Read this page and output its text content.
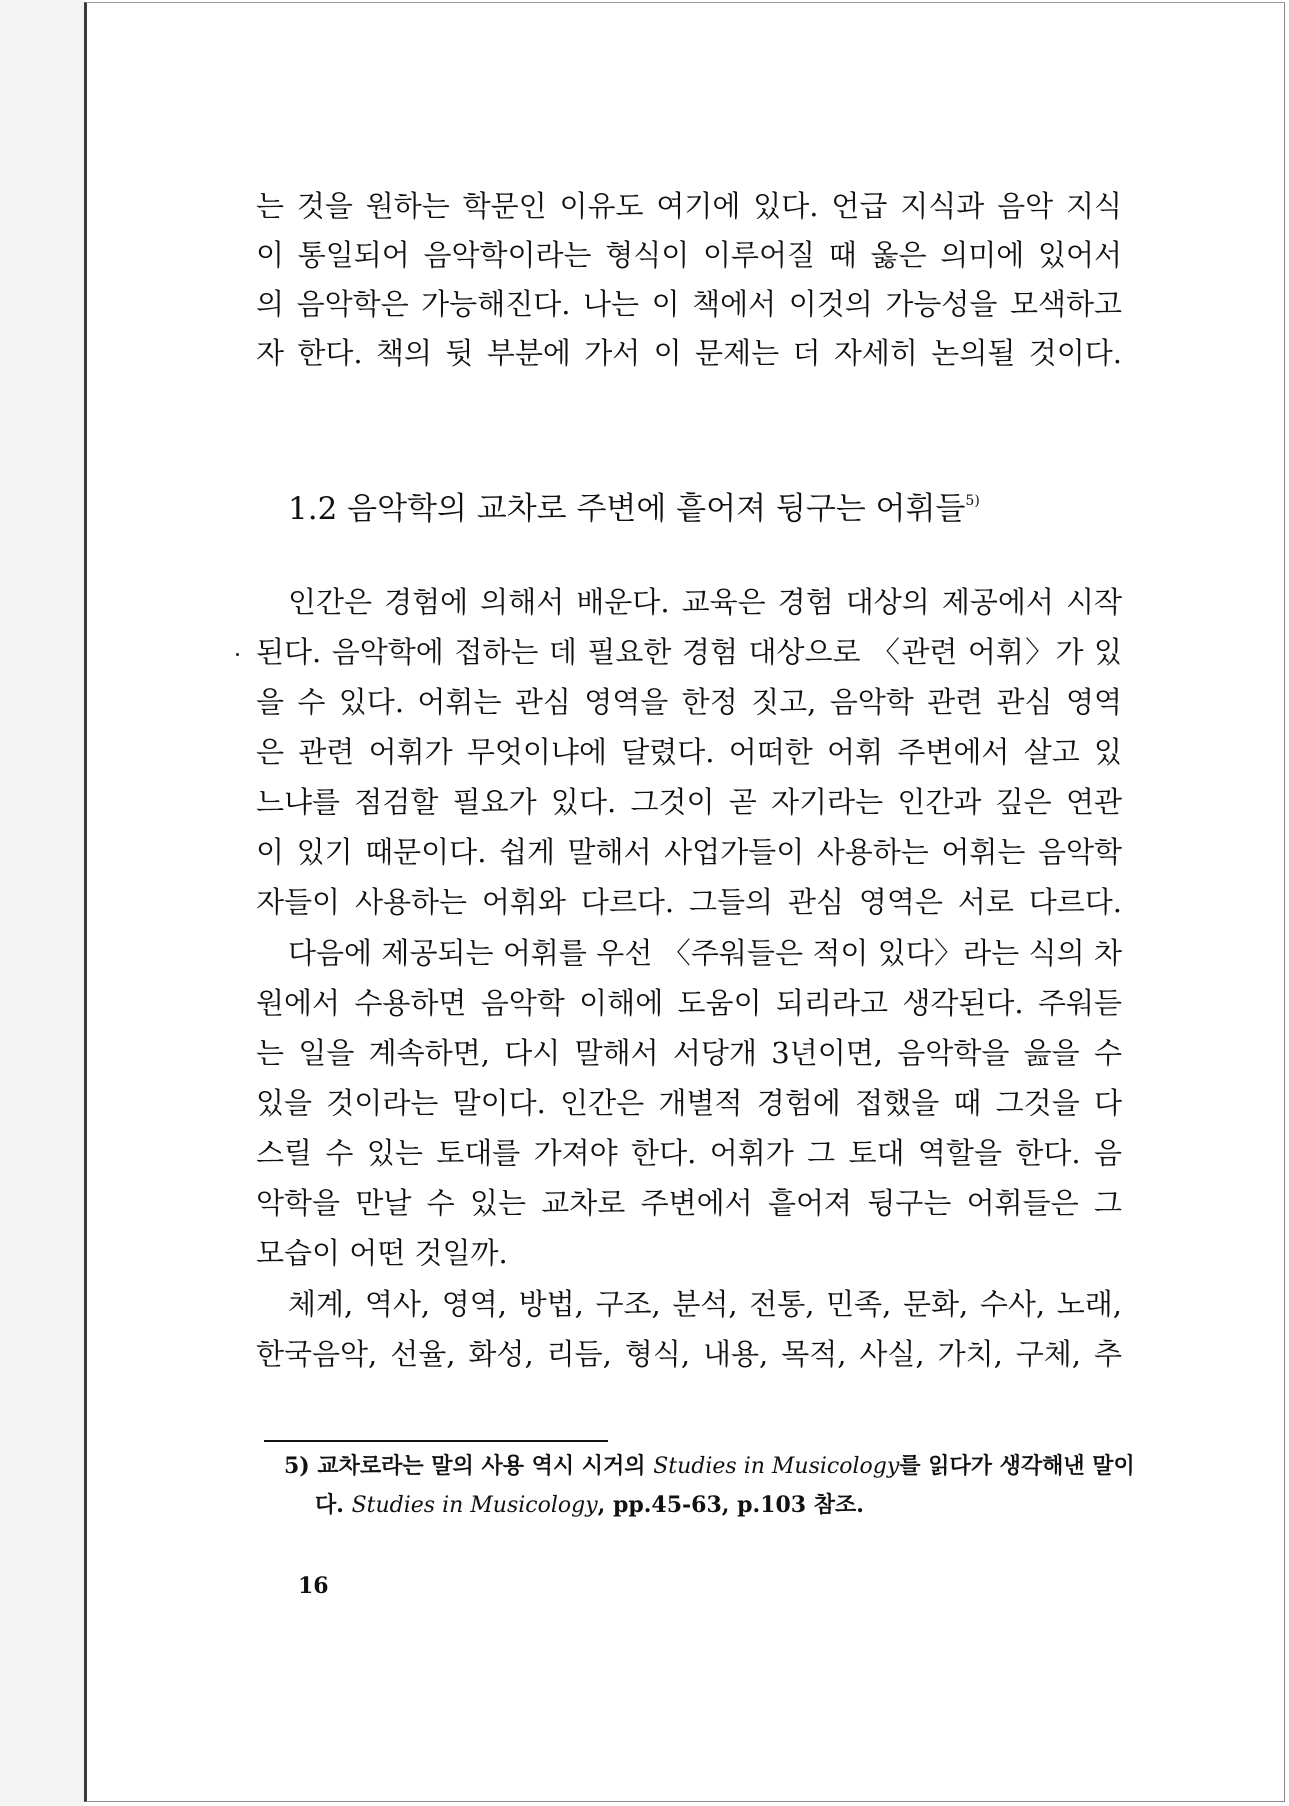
는 것을 원하는 학문인 이유도 여기에 있다. 언급 지식과 음악 지식
이 통일되어 음악학이라는 형식이 이루어질 때 옳은 의미에 있어서
의 음악학은 가능해진다. 나는 이 책에서 이것의 가능성을 모색하고
자 한다. 책의 뒷 부분에 가서 이 문제는 더 자세히 논의될 것이다.
1.2 음악학의 교차로 주변에 흩어져 뒹구는 어휘들$^{5)}$
인간은 경험에 의해서 배운다. 교육은 경험 대상의 제공에서 시작
된다. 음악학에 접하는 데 필요한 경험 대상으로 〈관련 어휘〉가 있
을 수 있다. 어휘는 관심 영역을 한정 짓고, 음악학 관련 관심 영역
은 관련 어휘가 무엇이냐에 달렸다. 어떠한 어휘 주변에서 살고 있
느냐를 점검할 필요가 있다. 그것이 곧 자기라는 인간과 깊은 연관
이 있기 때문이다. 쉽게 말해서 사업가들이 사용하는 어휘는 음악학
자들이 사용하는 어휘와 다르다. 그들의 관심 영역은 서로 다르다.
다음에 제공되는 어휘를 우선 〈주워들은 적이 있다〉라는 식의 차
원에서 수용하면 음악학 이해에 도움이 되리라고 생각된다. 주워듣
는 일을 계속하면, 다시 말해서 서당개 3년이면, 음악학을 읊을 수
있을 것이라는 말이다. 인간은 개별적 경험에 접했을 때 그것을 다
스릴 수 있는 토대를 가져야 한다. 어휘가 그 토대 역할을 한다. 음
악학을 만날 수 있는 교차로 주변에서 흩어져 뒹구는 어휘들은 그
모습이 어떤 것일까.
체계, 역사, 영역, 방법, 구조, 분석, 전통, 민족, 문화, 수사, 노래,
한국음악, 선율, 화성, 리듬, 형식, 내용, 목적, 사실, 가치, 구체, 추
5) 교차로라는 말의 사용 역시 시거의 Studies in Musicology를 읽다가 생각해낸 말이
다. Studies in Musicology, pp.45-63, p.103 참조.
16
